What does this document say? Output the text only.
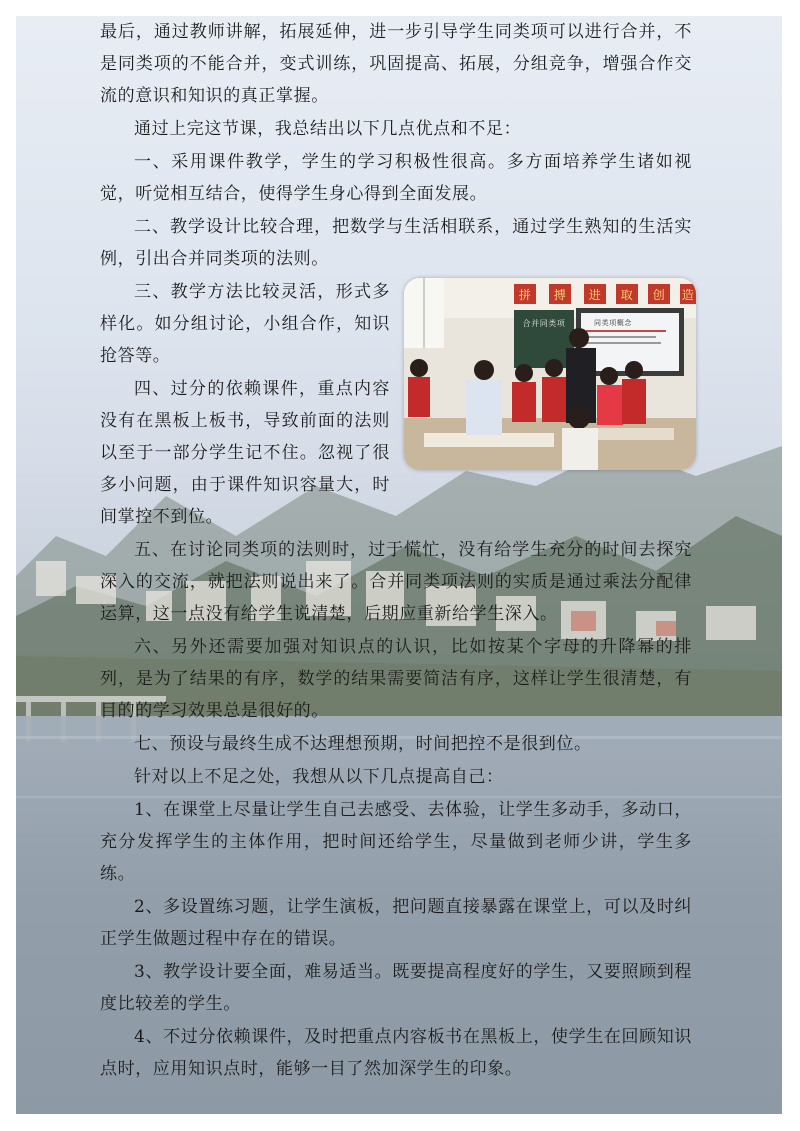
最后，通过教师讲解，拓展延伸，进一步引导学生同类项可以进行合并，不是同类项的不能合并，变式训练，巩固提高、拓展，分组竞争，增强合作交流的意识和知识的真正掌握。

通过上完这节课，我总结出以下几点优点和不足：

一、采用课件教学，学生的学习积极性很高。多方面培养学生诸如视觉，听觉相互结合，使得学生身心得到全面发展。

二、教学设计比较合理，把数学与生活相联系，通过学生熟知的生活实例，引出合并同类项的法则。

拼 搏 进 取 创 造
合并同类项	同类项概念

三、教学方法比较灵活，形式多样化。如分组讨论，小组合作，知识抢答等。

四、过分的依赖课件，重点内容没有在黑板上板书，导致前面的法则以至于一部分学生记不住。忽视了很多小问题，由于课件知识容量大，时间掌控不到位。

五、在讨论同类项的法则时，过于慌忙，没有给学生充分的时间去探究深入的交流，就把法则说出来了。合并同类项法则的实质是通过乘法分配律运算，这一点没有给学生说清楚，后期应重新给学生深入。

六、另外还需要加强对知识点的认识，比如按某个字母的升降幂的排列，是为了结果的有序，数学的结果需要简洁有序，这样让学生很清楚，有目的的学习效果总是很好的。

七、预设与最终生成不达理想预期，时间把控不是很到位。

针对以上不足之处，我想从以下几点提高自己：

1、在课堂上尽量让学生自己去感受、去体验，让学生多动手，多动口，充分发挥学生的主体作用，把时间还给学生，尽量做到老师少讲，学生多练。

2、多设置练习题，让学生演板，把问题直接暴露在课堂上，可以及时纠正学生做题过程中存在的错误。

3、教学设计要全面，难易适当。既要提高程度好的学生，又要照顾到程度比较差的学生。

4、不过分依赖课件，及时把重点内容板书在黑板上，使学生在回顾知识点时，应用知识点时，能够一目了然加深学生的印象。
